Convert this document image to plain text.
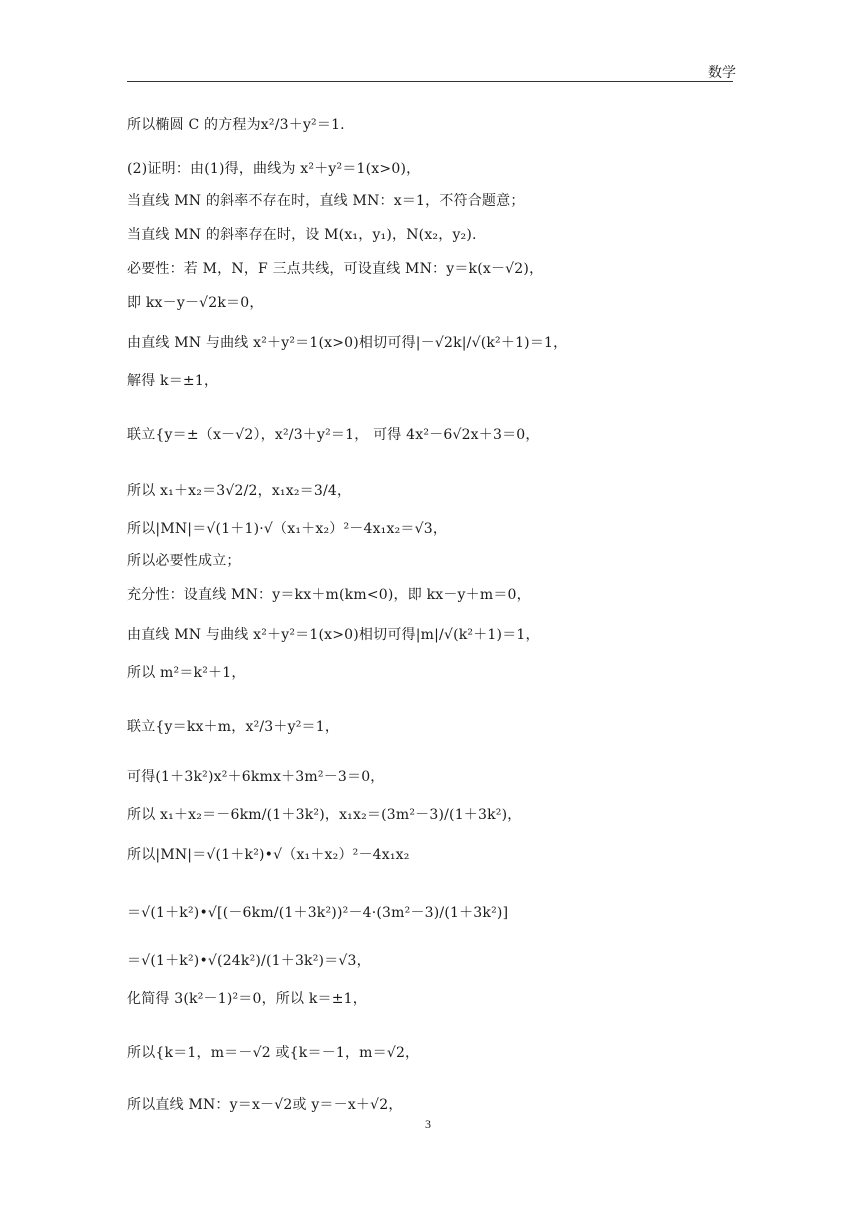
数学
所以椭圆 C 的方程为x²/3＋y²＝1.
(2)证明：由(1)得，曲线为 x²＋y²＝1(x>0)，
当直线 MN 的斜率不存在时，直线 MN：x＝1，不符合题意；
当直线 MN 的斜率存在时，设 M(x₁，y₁)，N(x₂，y₂).
必要性：若 M，N，F 三点共线，可设直线 MN：y＝k(x－√2)，
即 kx－y－√2k＝0，
由直线 MN 与曲线 x²＋y²＝1(x>0)相切可得|－√2k|/√(k²＋1)＝1，
解得 k＝±1，
联立{y＝±（x－√2），x²/3＋y²＝1， 可得 4x²－6√2x＋3＝0，
所以 x₁＋x₂＝3√2/2，x₁x₂＝3/4，
所以|MN|＝√(1＋1)·√（x₁＋x₂）²－4x₁x₂＝√3，
所以必要性成立；
充分性：设直线 MN：y＝kx＋m(km<0)，即 kx－y＋m＝0，
由直线 MN 与曲线 x²＋y²＝1(x>0)相切可得|m|/√(k²＋1)＝1，
所以 m²＝k²＋1，
联立{y＝kx＋m，x²/3＋y²＝1，
可得(1＋3k²)x²＋6kmx＋3m²－3＝0，
所以 x₁＋x₂＝－6km/(1＋3k²)，x₁x₂＝(3m²－3)/(1＋3k²)，
所以|MN|＝√(1＋k²)•√（x₁＋x₂）²－4x₁x₂
＝√(1＋k²)•√[(－6km/(1＋3k²))²－4·(3m²－3)/(1＋3k²)]
＝√(1＋k²)•√(24k²)/(1＋3k²)＝√3，
化简得 3(k²－1)²＝0，所以 k＝±1，
所以{k＝1，m＝－√2 或{k＝－1，m＝√2，
所以直线 MN：y＝x－√2或 y＝－x＋√2，
3
